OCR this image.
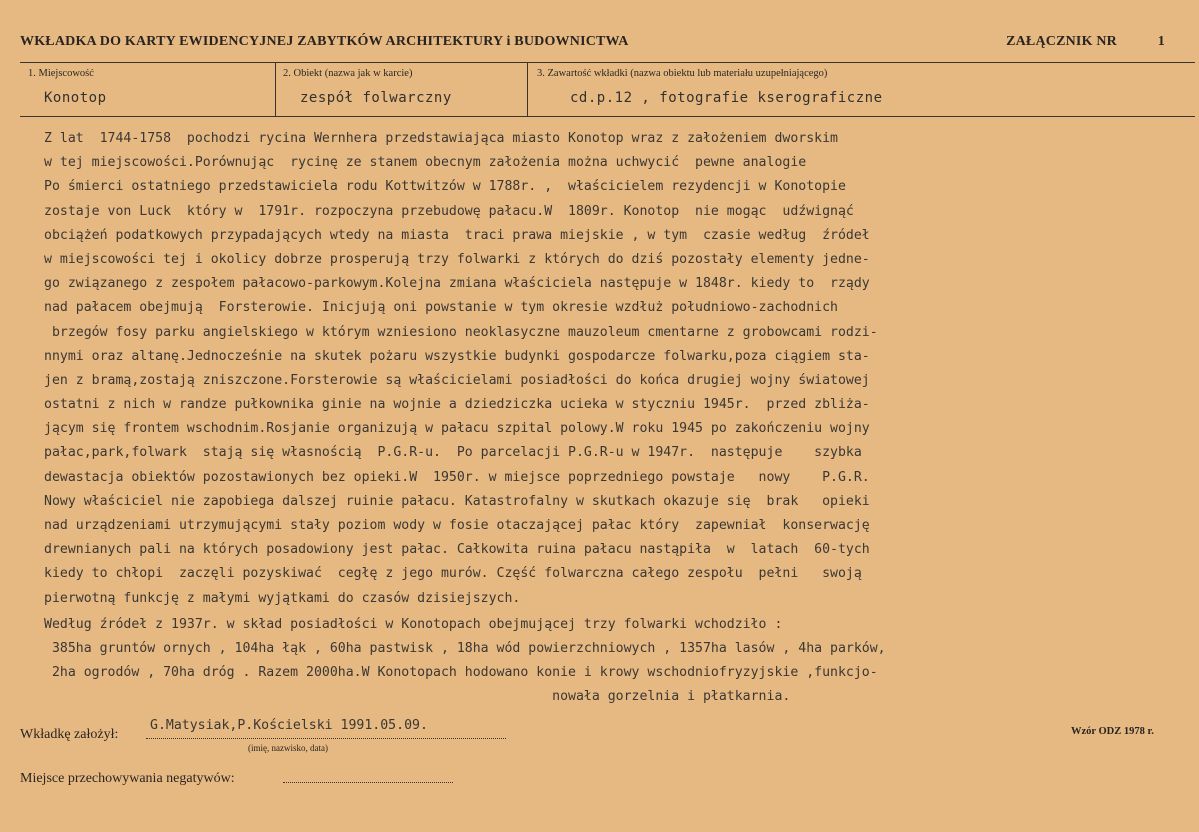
WKŁADKA DO KARTY EWIDENCYJNEJ ZABYTKÓW ARCHITEKTURY i BUDOWNICTWA	ZAŁĄCZNIK NR	1
1. Miejscowość
Konotop
2. Obiekt (nazwa jak w karcie)
zespół folwarczny
3. Zawartość wkładki (nazwa obiektu lub materiału uzupełniającego)
cd.p.12 , fotografie kserograficzne
Z lat  1744-1758  pochodzi rycina Wernhera przedstawiająca miasto Konotop wraz z założeniem dworskim
w tej miejscowości.Porównując  rycinę ze stanem obecnym założenia można uchwycić  pewne analogie
Po śmierci ostatniego przedstawiciela rodu Kottwitzów w 1788r. ,  właścicielem rezydencji w Konotopie
zostaje von Luck  który w  1791r. rozpoczyna przebudowę pałacu.W  1809r. Konotop  nie mogąc  udźwignąć
obciążeń podatkowych przypadających wtedy na miasta  traci prawa miejskie , w tym  czasie według  źródeł
w miejscowości tej i okolicy dobrze prosperują trzy folwarki z których do dziś pozostały elementy jedne-
go związanego z zespołem pałacowo-parkowym.Kolejna zmiana właściciela następuje w 1848r. kiedy to  rządy
nad pałacem obejmują  Forsterowie. Inicjują oni powstanie w tym okresie wzdłuż południowo-zachodnich
brzegów fosy parku angielskiego w którym wzniesiono neoklasyczne mauzoleum cmentarne z grobowcami rodzi-
nnymi oraz altanę.Jednocześnie na skutek pożaru wszystkie budynki gospodarcze folwarku,poza ciągiem sta-
jen z bramą,zostają zniszczone.Forsterowie są właścicielami posiadłości do końca drugiej wojny światowej
ostatni z nich w randze pułkownika ginie na wojnie a dziedziczka ucieka w styczniu 1945r.  przed zbliża-
jącym się frontem wschodnim.Rosjanie organizują w pałacu szpital polowy.W roku 1945 po zakończeniu wojny
pałac,park,folwark  stają się własnością  P.G.R-u.  Po parcelacji P.G.R-u w 1947r.  następuje    szybka
dewastacja obiektów pozostawionych bez opieki.W  1950r. w miejsce poprzedniego powstaje   nowy    P.G.R.
Nowy właściciel nie zapobiega dalszej ruinie pałacu. Katastrofalny w skutkach okazuje się  brak   opieki
nad urządzeniami utrzymującymi stały poziom wody w fosie otaczającej pałac który  zapewniał  konserwację
drewnianych pali na których posadowiony jest pałac. Całkowita ruina pałacu nastąpiła  w  latach  60-tych
kiedy to chłopi  zaczęli pozyskiwać  cegłę z jego murów. Część folwarczna całego zespołu  pełni   swoją
pierwotną funkcję z małymi wyjątkami do czasów dzisiejszych.
Według źródeł z 1937r. w skład posiadłości w Konotopach obejmującej trzy folwarki wchodziło :
385ha gruntów ornych , 104ha łąk , 60ha pastwisk , 18ha wód powierzchniowych , 1357ha lasów , 4ha parków,
2ha ogrodów , 70ha dróg . Razem 2000ha.W Konotopach hodowano konie i krowy wschodniofryzyjskie ,funkcjo-
nowała gorzelnia i płatkarnia.
Wkładkę założył:
G.Matysiak,P.Kościelski 1991.05.09.
(imię, nazwisko, data)
Wzór ODZ 1978 r.
Miejsce przechowywania negatywów:
